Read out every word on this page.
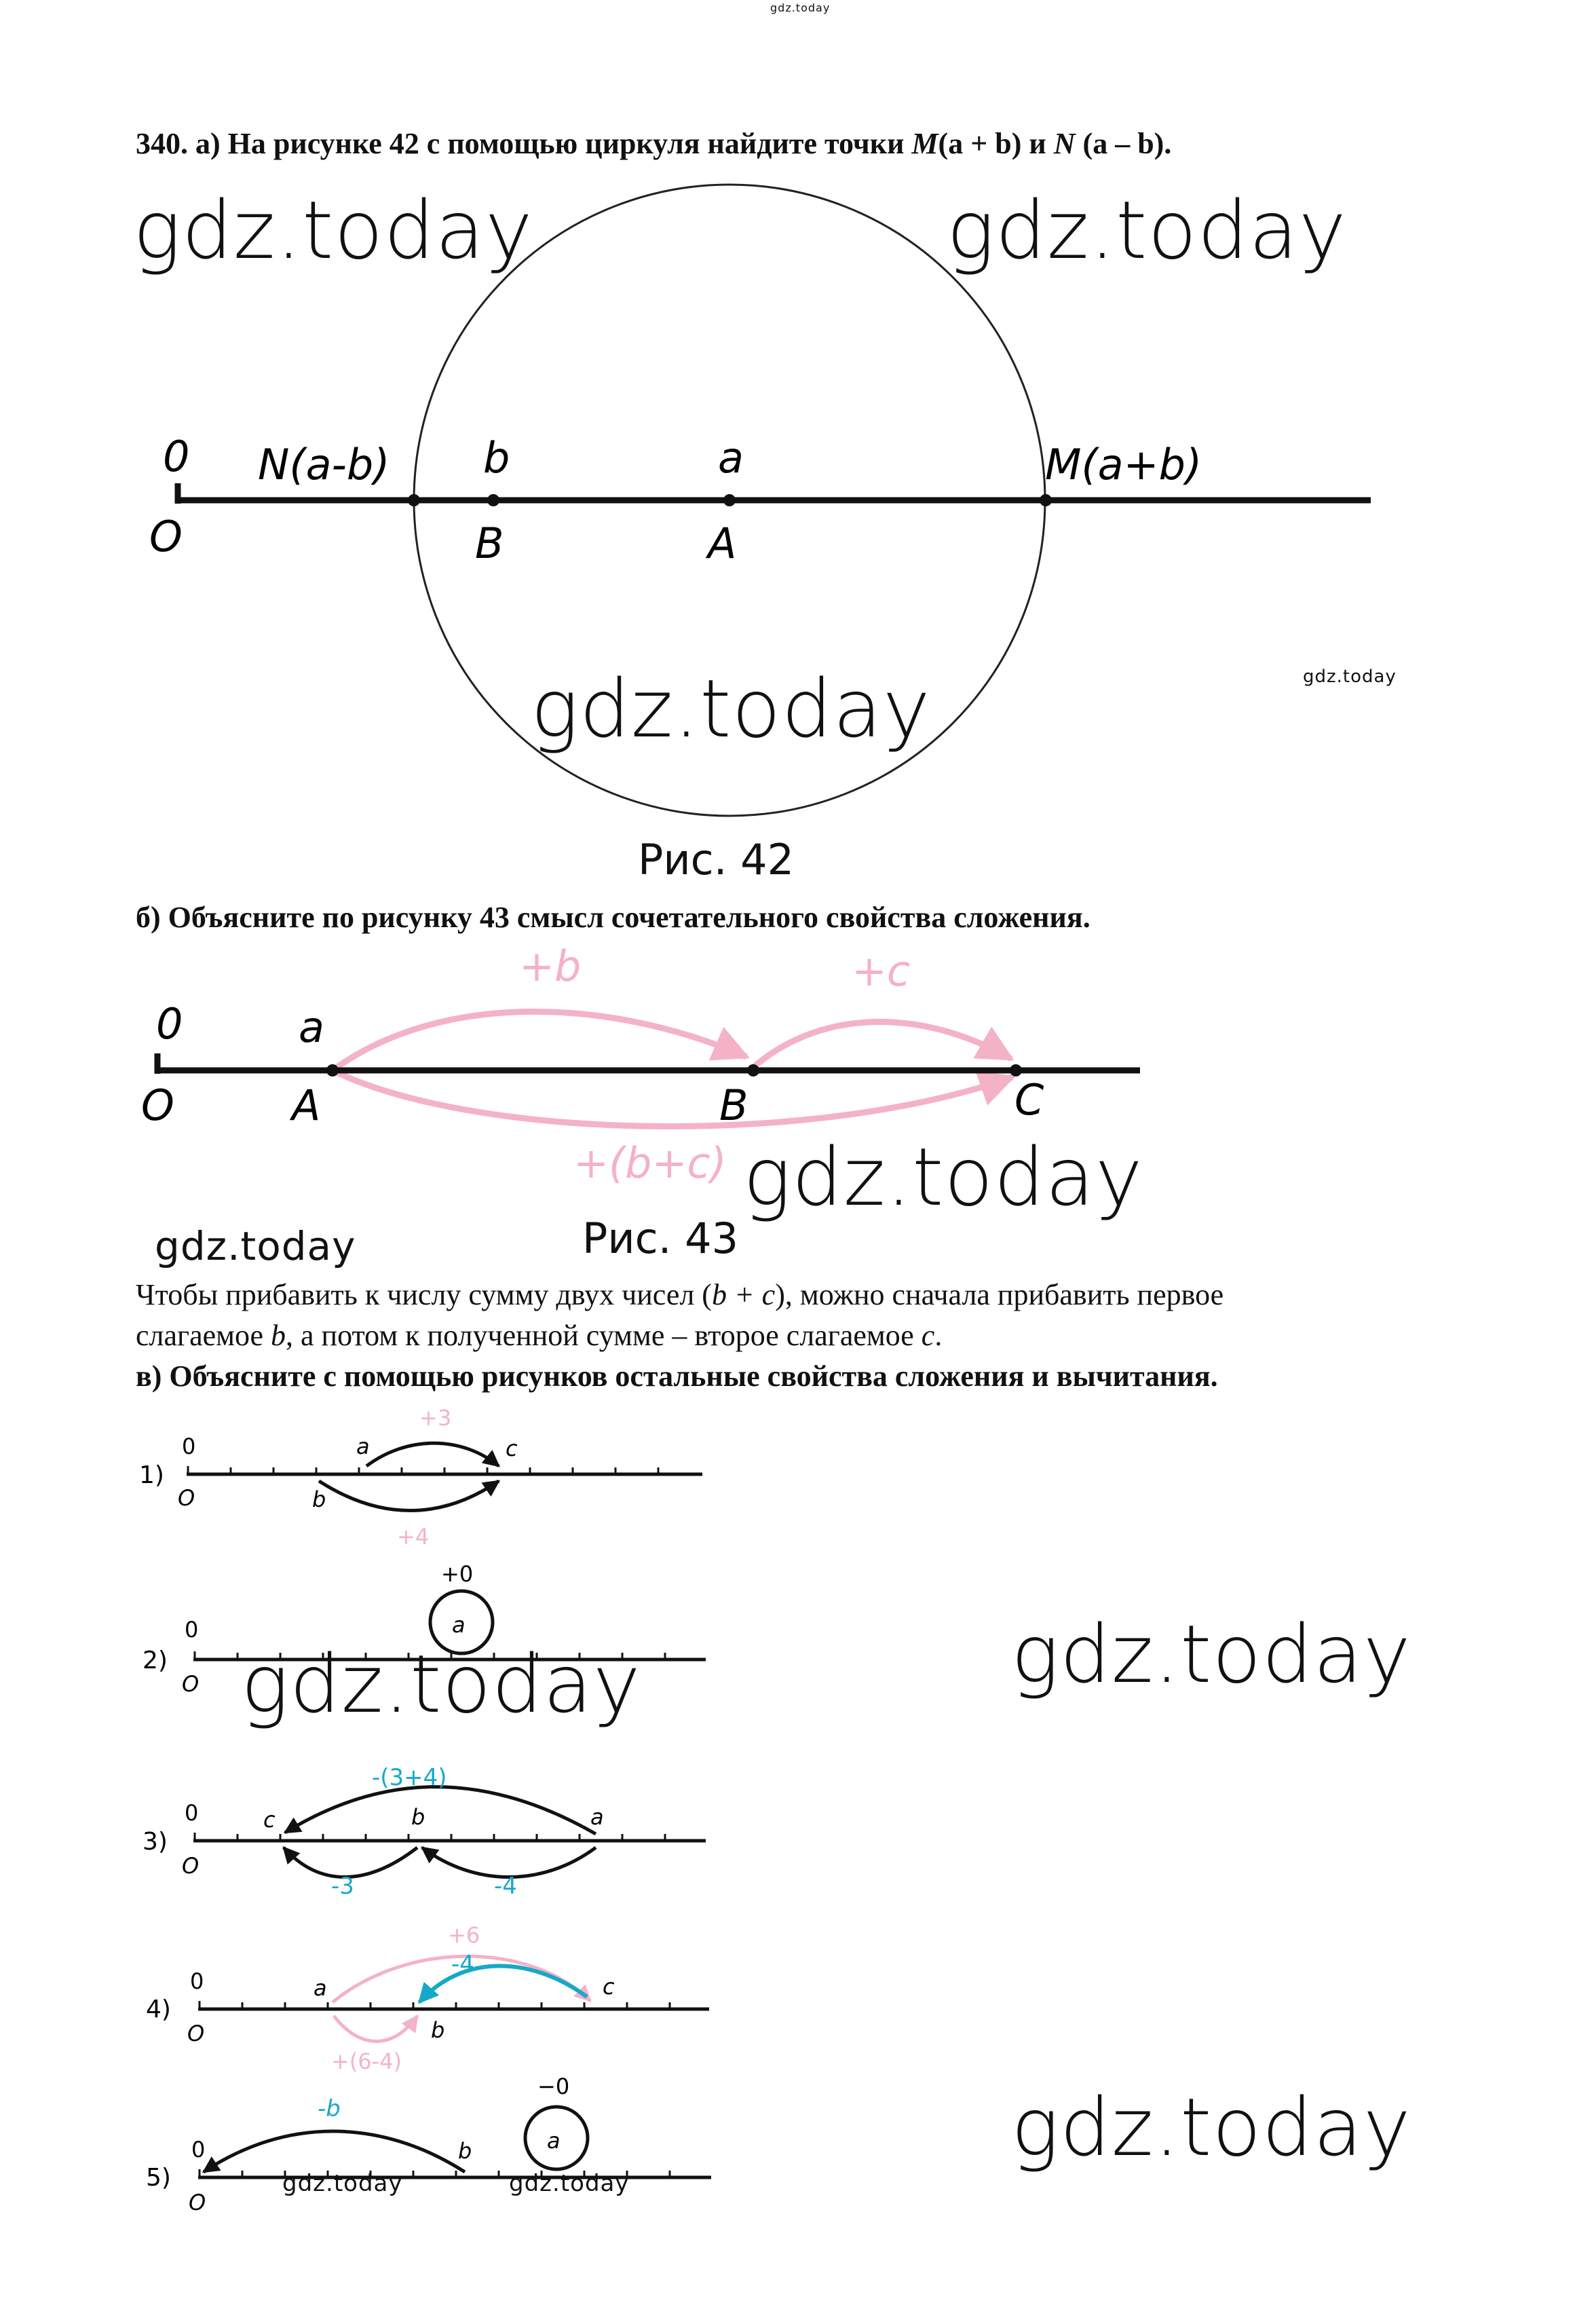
gdz.today
340. а) На рисунке 42 с помощью циркуля найдите точки M(a + b) и N (a – b).
0
O
N(a-b) b
B
a
A
M(a+b)
gdz.today	gdz.today
gdz.today	gdz.today
Рис. 42
б) Объясните по рисунку 43 смысл сочетательного свойства сложения.
0
O
a
A	B	C
+b	+c
+(b+c) gdz.today
gdz.today	Рис. 43
Чтобы прибавить к числу сумму двух чисел (b + c), можно сначала прибавить первое
слагаемое b, а потом к полученной сумме – второе слагаемое c.
в) Объясните с помощью рисунков остальные свойства сложения и вычитания.
1)
0
O
a
b
c
+3
+4
2)
0
O
a
+0
3)
0
O
a
b
c
-(3+4)
-3	-4
4)
0
O
a
b
c
+6
-4
+(6-4)
5)
0
O
a
b
-b
−0
gdz.today	gdz.today
gdz.today
gdz.today	gdz.today
